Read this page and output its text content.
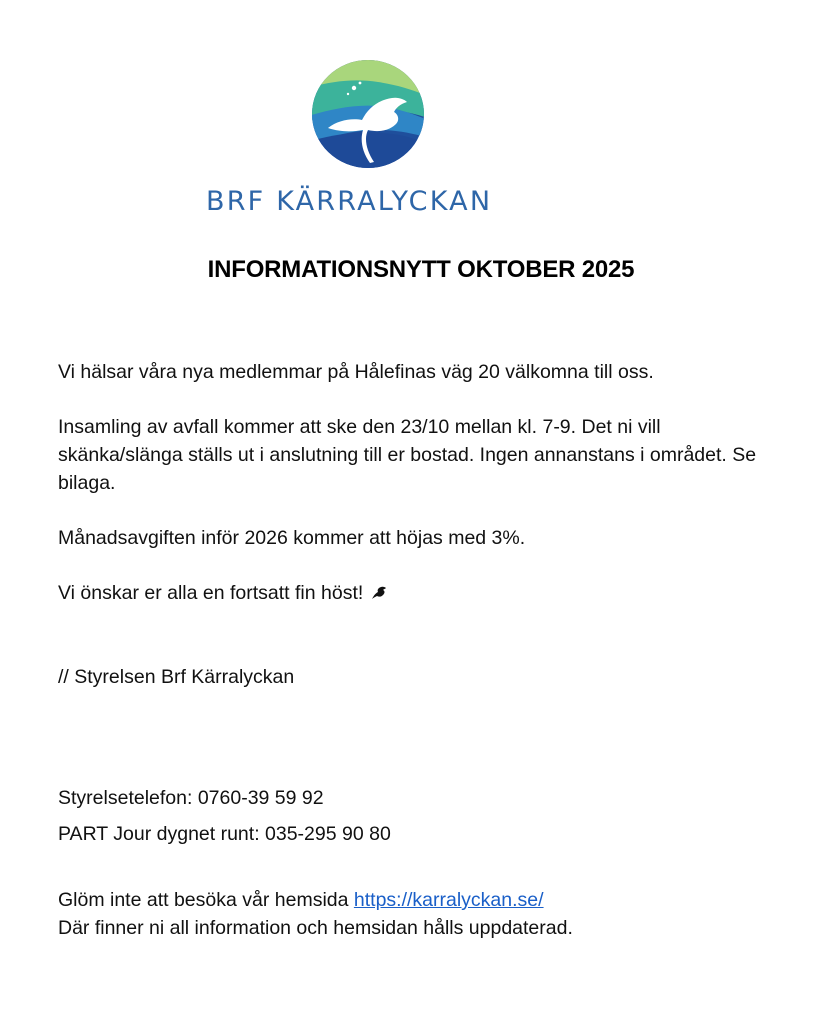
BRF KÄRRALYCKAN
INFORMATIONSNYTT OKTOBER 2025

Vi hälsar våra nya medlemmar på Hålefinas väg 20 välkomna till oss.

Insamling av avfall kommer att ske den 23/10 mellan kl. 7-9. Det ni vill skänka/slänga ställs ut i anslutning till er bostad. Ingen annanstans i området. Se bilaga.

Månadsavgiften inför 2026 kommer att höjas med 3%.

Vi önskar er alla en fortsatt fin höst!

// Styrelsen Brf Kärralyckan

Styrelsetelefon: 0760-39 59 92

PART Jour dygnet runt: 035-295 90 80

Glöm inte att besöka vår hemsida https://karralyckan.se/

Där finner ni all information och hemsidan hålls uppdaterad.
